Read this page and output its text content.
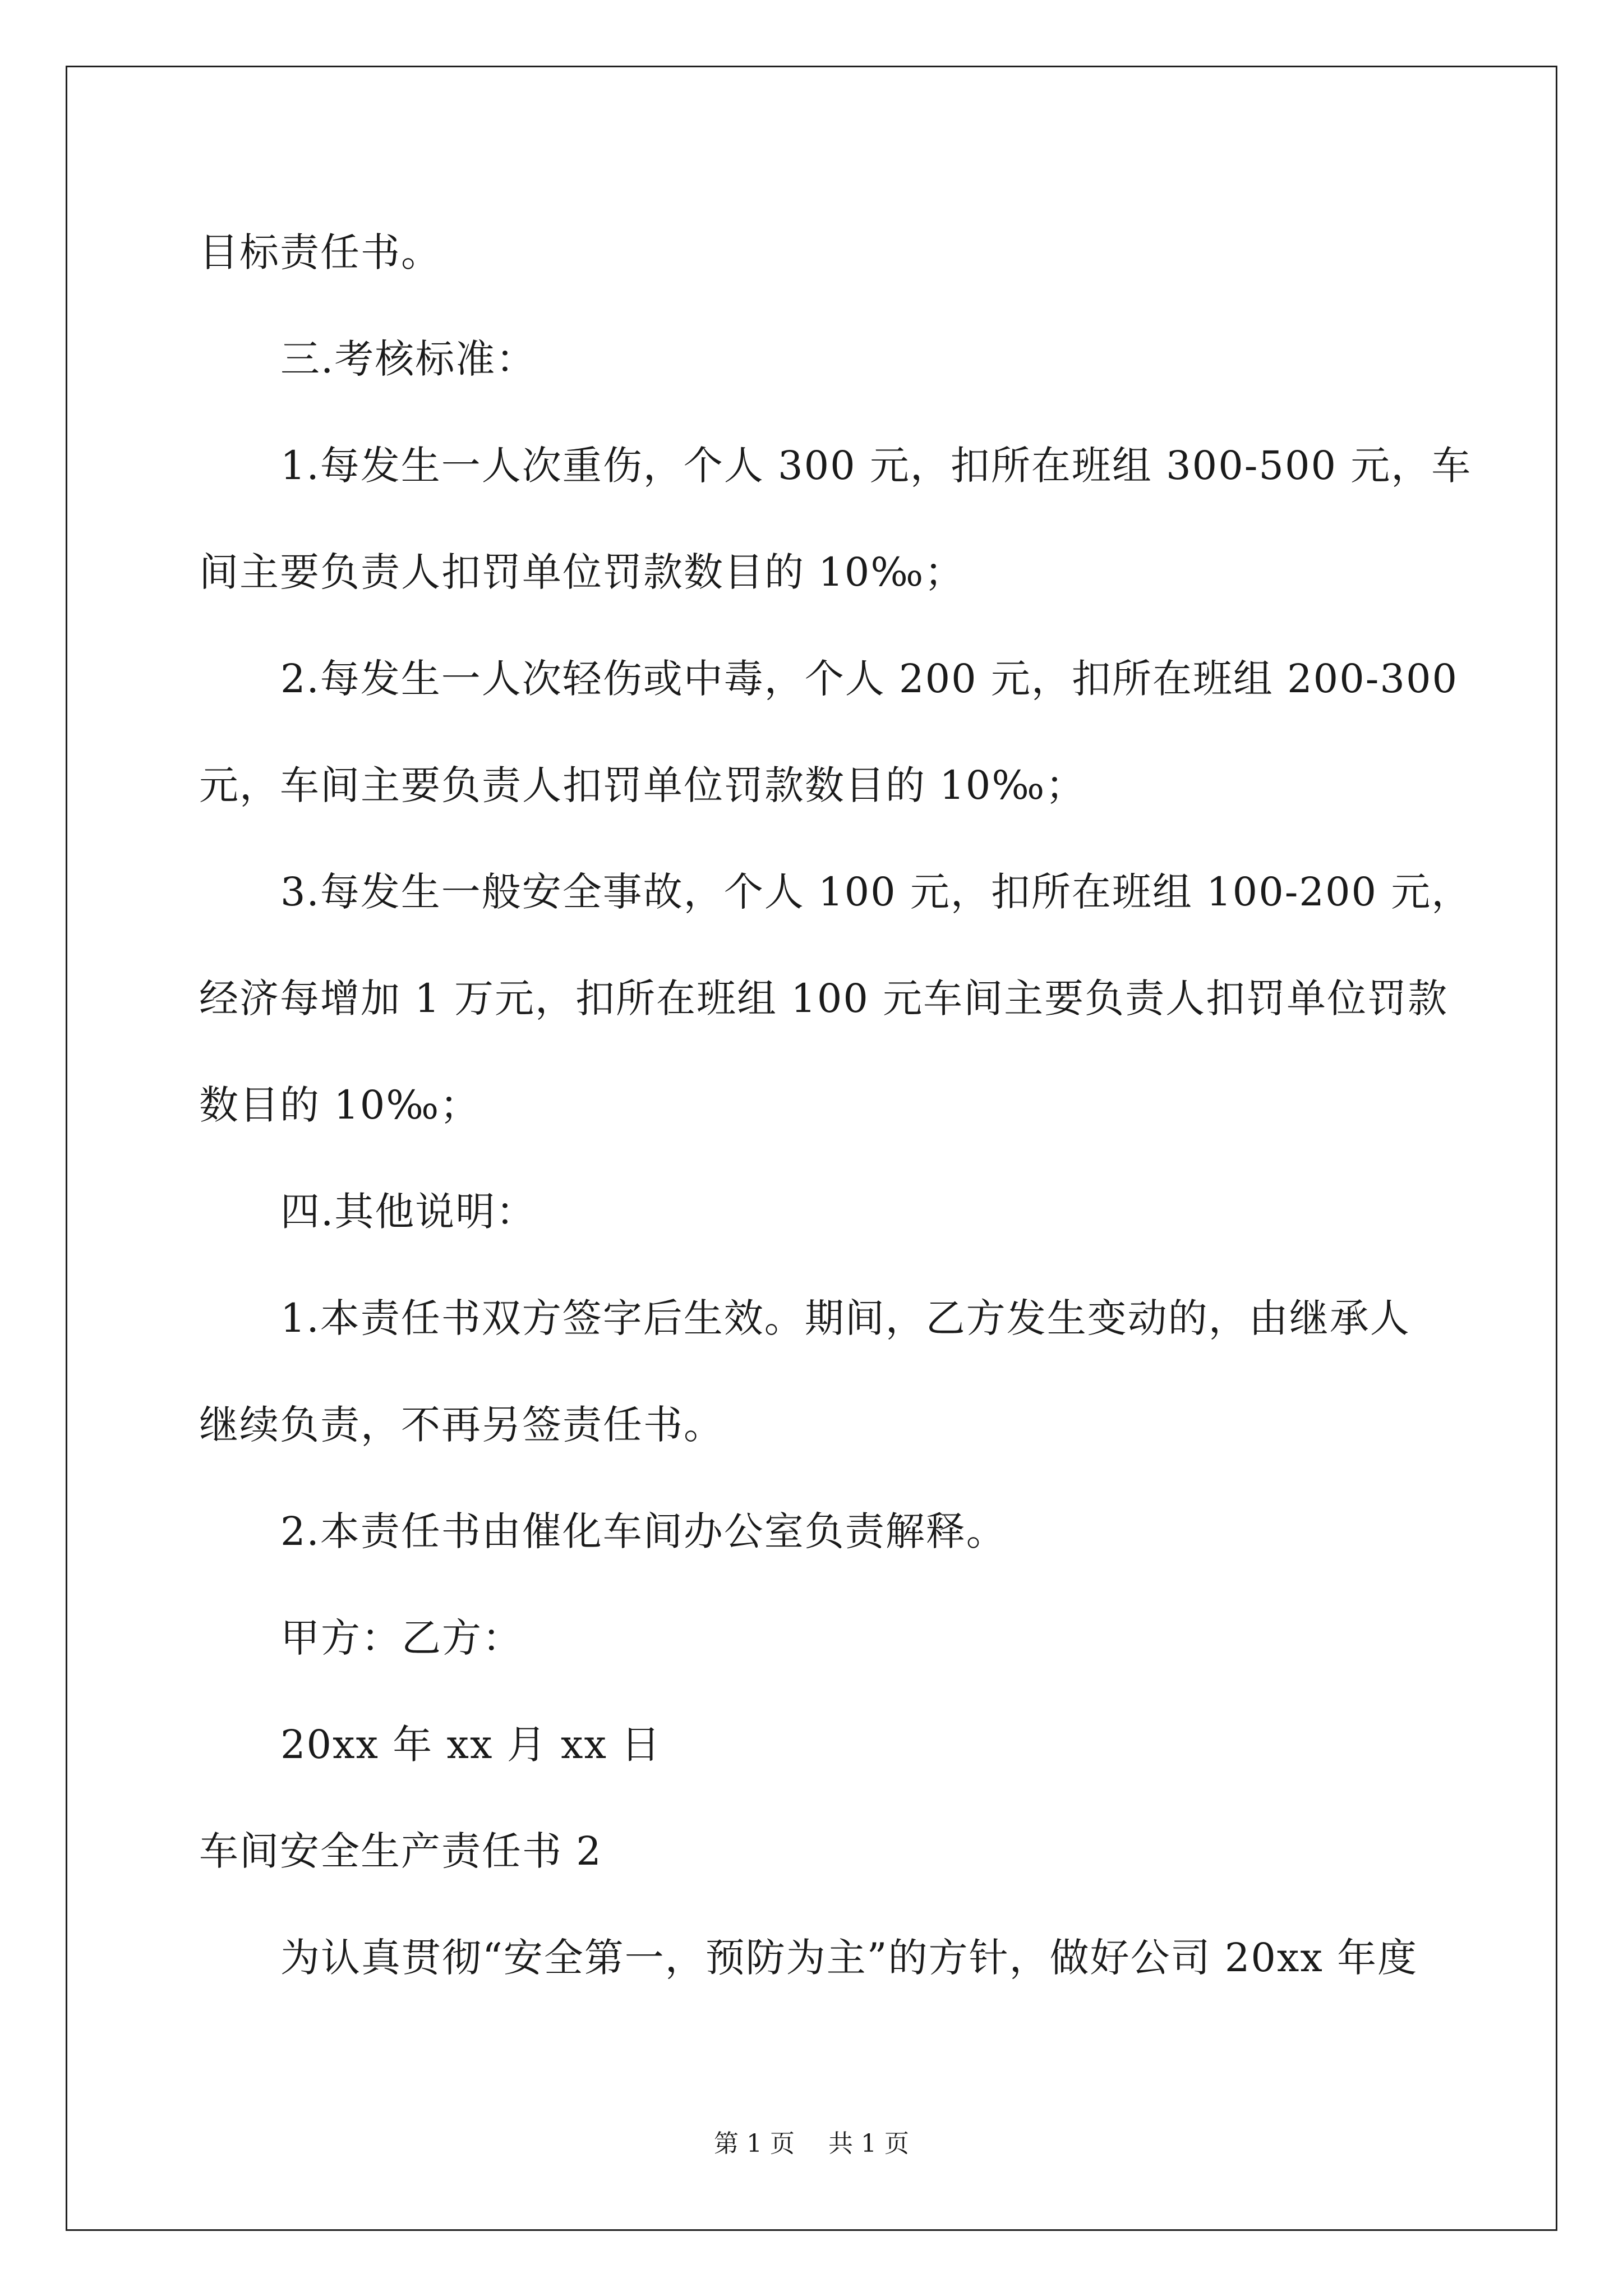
目标责任书。
三.考核标准：
1.每发生一人次重伤，个人 300 元，扣所在班组 300-500 元，车
间主要负责人扣罚单位罚款数目的 10‰；
2.每发生一人次轻伤或中毒，个人 200 元，扣所在班组 200-300
元，车间主要负责人扣罚单位罚款数目的 10‰；
3.每发生一般安全事故，个人 100 元，扣所在班组 100-200 元，
经济每增加 1 万元，扣所在班组 100 元车间主要负责人扣罚单位罚款
数目的 10‰；
四.其他说明：
1.本责任书双方签字后生效。期间，乙方发生变动的，由继承人
继续负责，不再另签责任书。
2.本责任书由催化车间办公室负责解释。
甲方：乙方：
20xx 年 xx 月 xx 日
车间安全生产责任书 2
为认真贯彻“安全第一，预防为主”的方针，做好公司 20xx 年度
第 1 页 共 1 页
